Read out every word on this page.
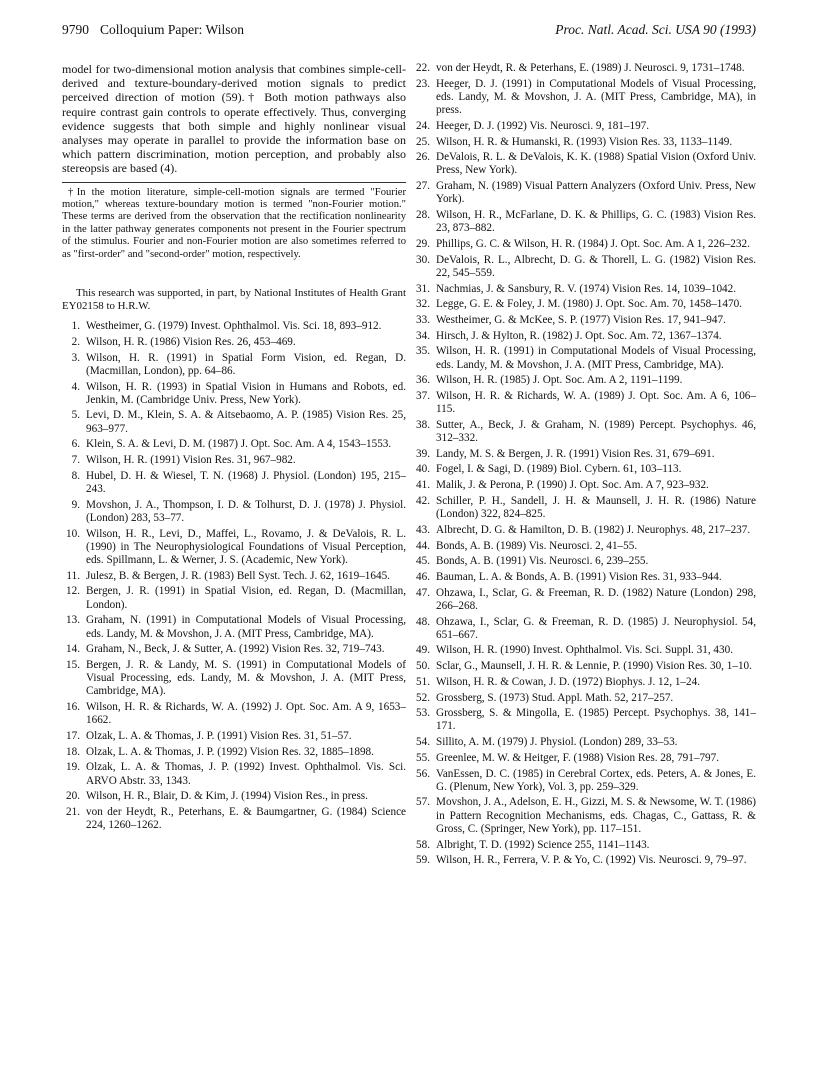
9790 Colloquium Paper: Wilson	Proc. Natl. Acad. Sci. USA 90 (1993)

model for two-dimensional motion analysis that combines simple-cell-derived and texture-boundary-derived motion signals to predict perceived direction of motion (59).† Both motion pathways also require contrast gain controls to operate effectively. Thus, converging evidence suggests that both simple and highly nonlinear visual analyses may operate in parallel to provide the information base on which pattern discrimination, motion perception, and probably also stereopsis are based (4).

†In the motion literature, simple-cell-motion signals are termed "Fourier motion," whereas texture-boundary motion is termed "non-Fourier motion." These terms are derived from the observation that the rectification nonlinearity in the latter pathway generates components not present in the Fourier spectrum of the stimulus. Fourier and non-Fourier motion are also sometimes referred to as "first-order" and "second-order" motion, respectively.

This research was supported, in part, by National Institutes of Health Grant EY02158 to H.R.W.

1. Westheimer, G. (1979) Invest. Ophthalmol. Vis. Sci. 18, 893–912.
2. Wilson, H. R. (1986) Vision Res. 26, 453–469.
3. Wilson, H. R. (1991) in Spatial Form Vision, ed. Regan, D. (Macmillan, London), pp. 64–86.
4. Wilson, H. R. (1993) in Spatial Vision in Humans and Robots, ed. Jenkin, M. (Cambridge Univ. Press, New York).
5. Levi, D. M., Klein, S. A. & Aitsebaomo, A. P. (1985) Vision Res. 25, 963–977.
6. Klein, S. A. & Levi, D. M. (1987) J. Opt. Soc. Am. A 4, 1543–1553.
7. Wilson, H. R. (1991) Vision Res. 31, 967–982.
8. Hubel, D. H. & Wiesel, T. N. (1968) J. Physiol. (London) 195, 215–243.
9. Movshon, J. A., Thompson, I. D. & Tolhurst, D. J. (1978) J. Physiol. (London) 283, 53–77.
10. Wilson, H. R., Levi, D., Maffei, L., Rovamo, J. & DeValois, R. L. (1990) in The Neurophysiological Foundations of Visual Perception, eds. Spillmann, L. & Werner, J. S. (Academic, New York).
11. Julesz, B. & Bergen, J. R. (1983) Bell Syst. Tech. J. 62, 1619–1645.
12. Bergen, J. R. (1991) in Spatial Vision, ed. Regan, D. (Macmillan, London).
13. Graham, N. (1991) in Computational Models of Visual Processing, eds. Landy, M. & Movshon, J. A. (MIT Press, Cambridge, MA).
14. Graham, N., Beck, J. & Sutter, A. (1992) Vision Res. 32, 719–743.
15. Bergen, J. R. & Landy, M. S. (1991) in Computational Models of Visual Processing, eds. Landy, M. & Movshon, J. A. (MIT Press, Cambridge, MA).
16. Wilson, H. R. & Richards, W. A. (1992) J. Opt. Soc. Am. A 9, 1653–1662.
17. Olzak, L. A. & Thomas, J. P. (1991) Vision Res. 31, 51–57.
18. Olzak, L. A. & Thomas, J. P. (1992) Vision Res. 32, 1885–1898.
19. Olzak, L. A. & Thomas, J. P. (1992) Invest. Ophthalmol. Vis. Sci. ARVO Abstr. 33, 1343.
20. Wilson, H. R., Blair, D. & Kim, J. (1994) Vision Res., in press.
21. von der Heydt, R., Peterhans, E. & Baumgartner, G. (1984) Science 224, 1260–1262.
22. von der Heydt, R. & Peterhans, E. (1989) J. Neurosci. 9, 1731–1748.
23. Heeger, D. J. (1991) in Computational Models of Visual Processing, eds. Landy, M. & Movshon, J. A. (MIT Press, Cambridge, MA), in press.
24. Heeger, D. J. (1992) Vis. Neurosci. 9, 181–197.
25. Wilson, H. R. & Humanski, R. (1993) Vision Res. 33, 1133–1149.
26. DeValois, R. L. & DeValois, K. K. (1988) Spatial Vision (Oxford Univ. Press, New York).
27. Graham, N. (1989) Visual Pattern Analyzers (Oxford Univ. Press, New York).
28. Wilson, H. R., McFarlane, D. K. & Phillips, G. C. (1983) Vision Res. 23, 873–882.
29. Phillips, G. C. & Wilson, H. R. (1984) J. Opt. Soc. Am. A 1, 226–232.
30. DeValois, R. L., Albrecht, D. G. & Thorell, L. G. (1982) Vision Res. 22, 545–559.
31. Nachmias, J. & Sansbury, R. V. (1974) Vision Res. 14, 1039–1042.
32. Legge, G. E. & Foley, J. M. (1980) J. Opt. Soc. Am. 70, 1458–1470.
33. Westheimer, G. & McKee, S. P. (1977) Vision Res. 17, 941–947.
34. Hirsch, J. & Hylton, R. (1982) J. Opt. Soc. Am. 72, 1367–1374.
35. Wilson, H. R. (1991) in Computational Models of Visual Processing, eds. Landy, M. & Movshon, J. A. (MIT Press, Cambridge, MA).
36. Wilson, H. R. (1985) J. Opt. Soc. Am. A 2, 1191–1199.
37. Wilson, H. R. & Richards, W. A. (1989) J. Opt. Soc. Am. A 6, 106–115.
38. Sutter, A., Beck, J. & Graham, N. (1989) Percept. Psychophys. 46, 312–332.
39. Landy, M. S. & Bergen, J. R. (1991) Vision Res. 31, 679–691.
40. Fogel, I. & Sagi, D. (1989) Biol. Cybern. 61, 103–113.
41. Malik, J. & Perona, P. (1990) J. Opt. Soc. Am. A 7, 923–932.
42. Schiller, P. H., Sandell, J. H. & Maunsell, J. H. R. (1986) Nature (London) 322, 824–825.
43. Albrecht, D. G. & Hamilton, D. B. (1982) J. Neurophys. 48, 217–237.
44. Bonds, A. B. (1989) Vis. Neurosci. 2, 41–55.
45. Bonds, A. B. (1991) Vis. Neurosci. 6, 239–255.
46. Bauman, L. A. & Bonds, A. B. (1991) Vision Res. 31, 933–944.
47. Ohzawa, I., Sclar, G. & Freeman, R. D. (1982) Nature (London) 298, 266–268.
48. Ohzawa, I., Sclar, G. & Freeman, R. D. (1985) J. Neurophysiol. 54, 651–667.
49. Wilson, H. R. (1990) Invest. Ophthalmol. Vis. Sci. Suppl. 31, 430.
50. Sclar, G., Maunsell, J. H. R. & Lennie, P. (1990) Vision Res. 30, 1–10.
51. Wilson, H. R. & Cowan, J. D. (1972) Biophys. J. 12, 1–24.
52. Grossberg, S. (1973) Stud. Appl. Math. 52, 217–257.
53. Grossberg, S. & Mingolla, E. (1985) Percept. Psychophys. 38, 141–171.
54. Sillito, A. M. (1979) J. Physiol. (London) 289, 33–53.
55. Greenlee, M. W. & Heitger, F. (1988) Vision Res. 28, 791–797.
56. VanEssen, D. C. (1985) in Cerebral Cortex, eds. Peters, A. & Jones, E. G. (Plenum, New York), Vol. 3, pp. 259–329.
57. Movshon, J. A., Adelson, E. H., Gizzi, M. S. & Newsome, W. T. (1986) in Pattern Recognition Mechanisms, eds. Chagas, C., Gattass, R. & Gross, C. (Springer, New York), pp. 117–151.
58. Albright, T. D. (1992) Science 255, 1141–1143.
59. Wilson, H. R., Ferrera, V. P. & Yo, C. (1992) Vis. Neurosci. 9, 79–97.
